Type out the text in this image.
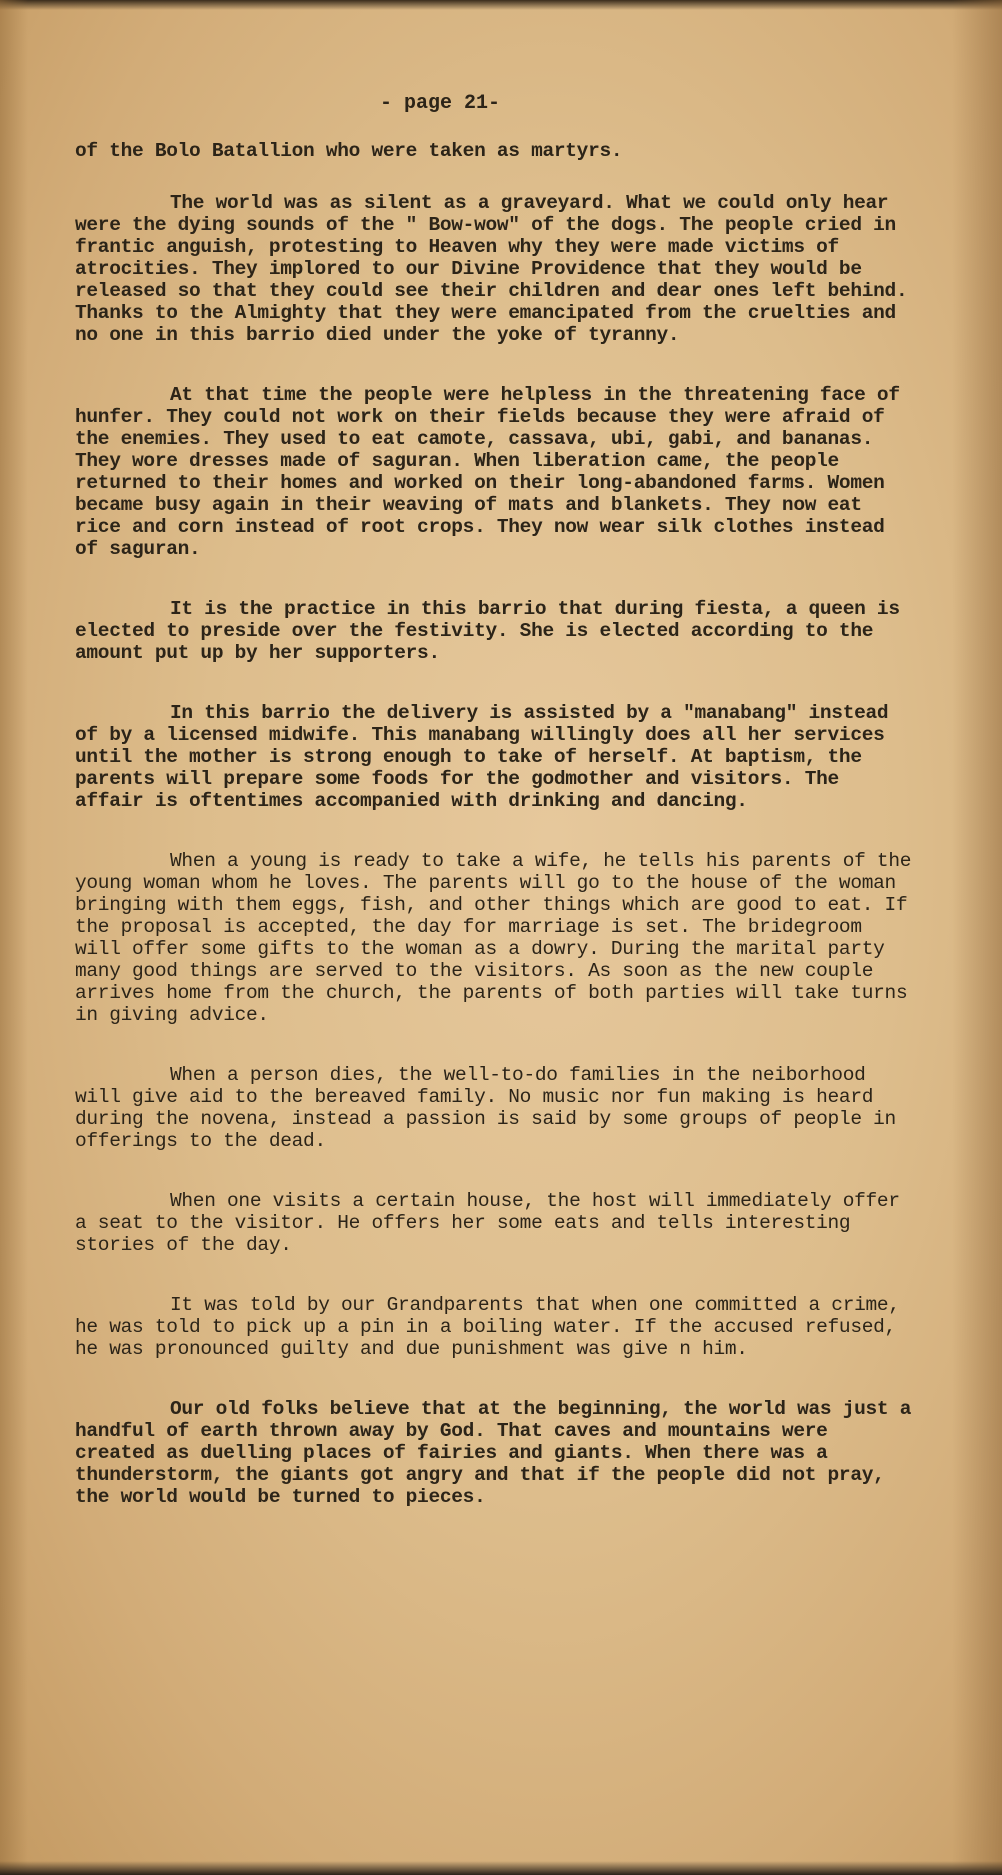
- page 21-

of the Bolo Batallion who were taken as martyrs.

The world was as silent as a graveyard. What we could only hear were the dying sounds of the " Bow-wow" of the dogs. The people cried in frantic anguish, protesting to Heaven why they were made victims of atrocities. They implored to our Divine Providence that they would be released so that they could see their children and dear ones left behind. Thanks to the Almighty that they were emancipated from the cruelties and no one in this barrio died under the yoke of tyranny.

At that time the people were helpless in the threatening face of hunfer. They could not work on their fields because they were afraid of the enemies. They used to eat camote, cassava, ubi, gabi, and bananas. They wore dresses made of saguran. When liberation came, the people returned to their homes and worked on their long-abandoned farms. Women became busy again in their weaving of mats and blankets. They now eat rice and corn instead of root crops. They now wear silk clothes instead of saguran.

It is the practice in this barrio that during fiesta, a queen is elected to preside over the festivity. She is elected according to the amount put up by her supporters.

In this barrio the delivery is assisted by a "manabang" instead of by a licensed midwife. This manabang willingly does all her services until the mother is strong enough to take of herself. At baptism, the parents will prepare some foods for the godmother and visitors. The affair is oftentimes accompanied with drinking and dancing.

When a young is ready to take a wife, he tells his parents of the young woman whom he loves. The parents will go to the house of the woman bringing with them eggs, fish, and other things which are good to eat. If the proposal is accepted, the day for marriage is set. The bridegroom will offer some gifts to the woman as a dowry. During the marital party many good things are served to the visitors. As soon as the new couple arrives home from the church, the parents of both parties will take turns in giving advice.

When a person dies, the well-to-do families in the neiborhood will give aid to the bereaved family. No music nor fun making is heard during the novena, instead a passion is said by some groups of people in offerings to the dead.

When one visits a certain house, the host will immediately offer a seat to the visitor. He offers her some eats and tells interesting stories of the day.

It was told by our Grandparents that when one committed a crime, he was told to pick up a pin in a boiling water. If the accused refused, he was pronounced guilty and due punishment was give n him.

Our old folks believe that at the beginning, the world was just a handful of earth thrown away by God. That caves and mountains were created as duelling places of fairies and giants. When there was a thunderstorm, the giants got angry and that if the people did not pray, the world would be turned to pieces.
